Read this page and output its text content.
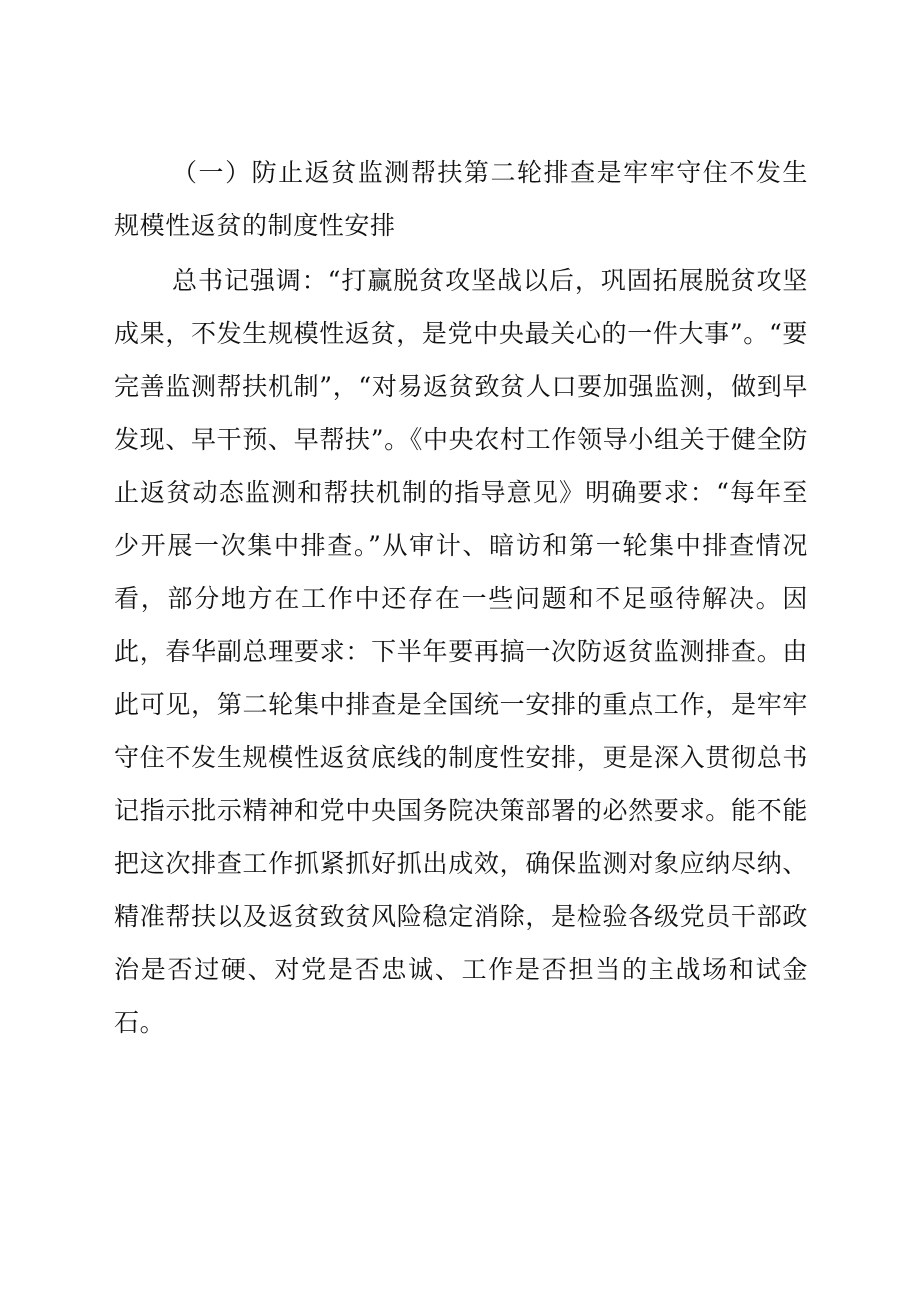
（一）防止返贫监测帮扶第二轮排查是牢牢守住不发生规模性返贫的制度性安排

总书记强调：“打赢脱贫攻坚战以后，巩固拓展脱贫攻坚成果，不发生规模性返贫，是党中央最关心的一件大事”。“要完善监测帮扶机制”，“对易返贫致贫人口要加强监测，做到早发现、早干预、早帮扶”。《中央农村工作领导小组关于健全防止返贫动态监测和帮扶机制的指导意见》明确要求：“每年至少开展一次集中排查。”从审计、暗访和第一轮集中排查情况看，部分地方在工作中还存在一些问题和不足亟待解决。因此，春华副总理要求：下半年要再搞一次防返贫监测排查。由此可见，第二轮集中排查是全国统一安排的重点工作，是牢牢守住不发生规模性返贫底线的制度性安排，更是深入贯彻总书记指示批示精神和党中央国务院决策部署的必然要求。能不能把这次排查工作抓紧抓好抓出成效，确保监测对象应纳尽纳、精准帮扶以及返贫致贫风险稳定消除，是检验各级党员干部政治是否过硬、对党是否忠诚、工作是否担当的主战场和试金石。
